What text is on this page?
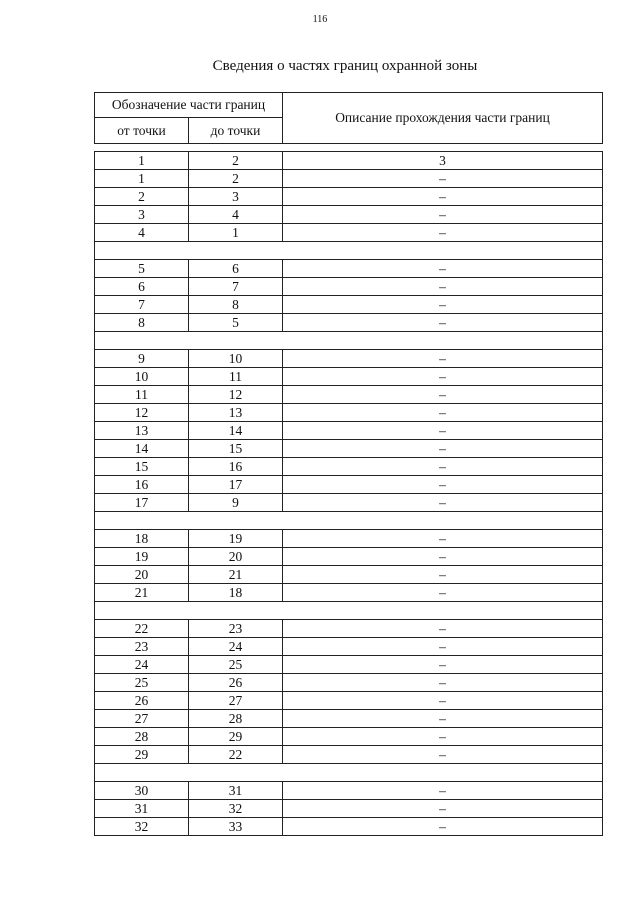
116
Сведения о частях границ охранной зоны
Обозначение части границ		Описание прохождения части границ
от точки	до точки	

1	2	3
1	2	–
2	3	–
3	4	–
4	1	–

5	6	–
6	7	–
7	8	–
8	5	–

9	10	–
10	11	–
11	12	–
12	13	–
13	14	–
14	15	–
15	16	–
16	17	–
17	9	–

18	19	–
19	20	–
20	21	–
21	18	–

22	23	–
23	24	–
24	25	–
25	26	–
26	27	–
27	28	–
28	29	–
29	22	–

30	31	–
31	32	–
32	33	–
